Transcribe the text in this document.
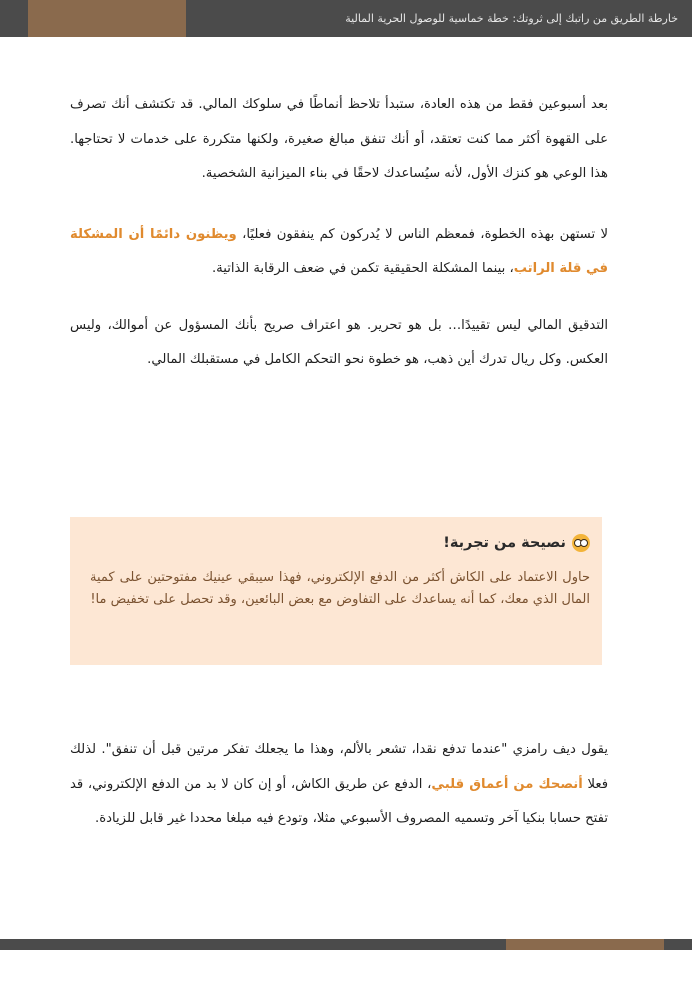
خارطة الطريق من راتبك إلى ثروتك: خطة خماسية للوصول الحرية المالية

بعد أسبوعين فقط من هذه العادة، ستبدأ تلاحظ أنماطًا في سلوكك المالي. قد تكتشف أنك تصرف على القهوة أكثر مما كنت تعتقد، أو أنك تنفق مبالغ صغيرة، ولكنها متكررة على خدمات لا تحتاجها. هذا الوعي هو كنزك الأول، لأنه سيُساعدك لاحقًا في بناء الميزانية الشخصية.

لا تستهن بهذه الخطوة، فمعظم الناس لا يُدركون كم ينفقون فعليًا، ويظنون دائمًا أن المشكلة في قلة الراتب، بينما المشكلة الحقيقية تكمن في ضعف الرقابة الذاتية.

التدقيق المالي ليس تقييدًا… بل هو تحرير. هو اعتراف صريح بأنك المسؤول عن أموالك، وليس العكس. وكل ريال تدرك أين ذهب، هو خطوة نحو التحكم الكامل في مستقبلك المالي.

نصيحة من تجربة!

حاول الاعتماد على الكاش أكثر من الدفع الإلكتروني، فهذا سيبقي عينيك مفتوحتين على كمية المال الذي معك، كما أنه يساعدك على التفاوض مع بعض البائعين، وقد تحصل على تخفيض ما!

يقول ديف رامزي "عندما تدفع نقدا، تشعر بالألم، وهذا ما يجعلك تفكر مرتين قبل أن تنفق". لذلك فعلا أنصحك من أعماق قلبي، الدفع عن طريق الكاش، أو إن كان لا بد من الدفع الإلكتروني، قد تفتح حسابا بنكيا آخر وتسميه المصروف الأسبوعي مثلا، وتودع فيه مبلغا محددا غير قابل للزيادة.
